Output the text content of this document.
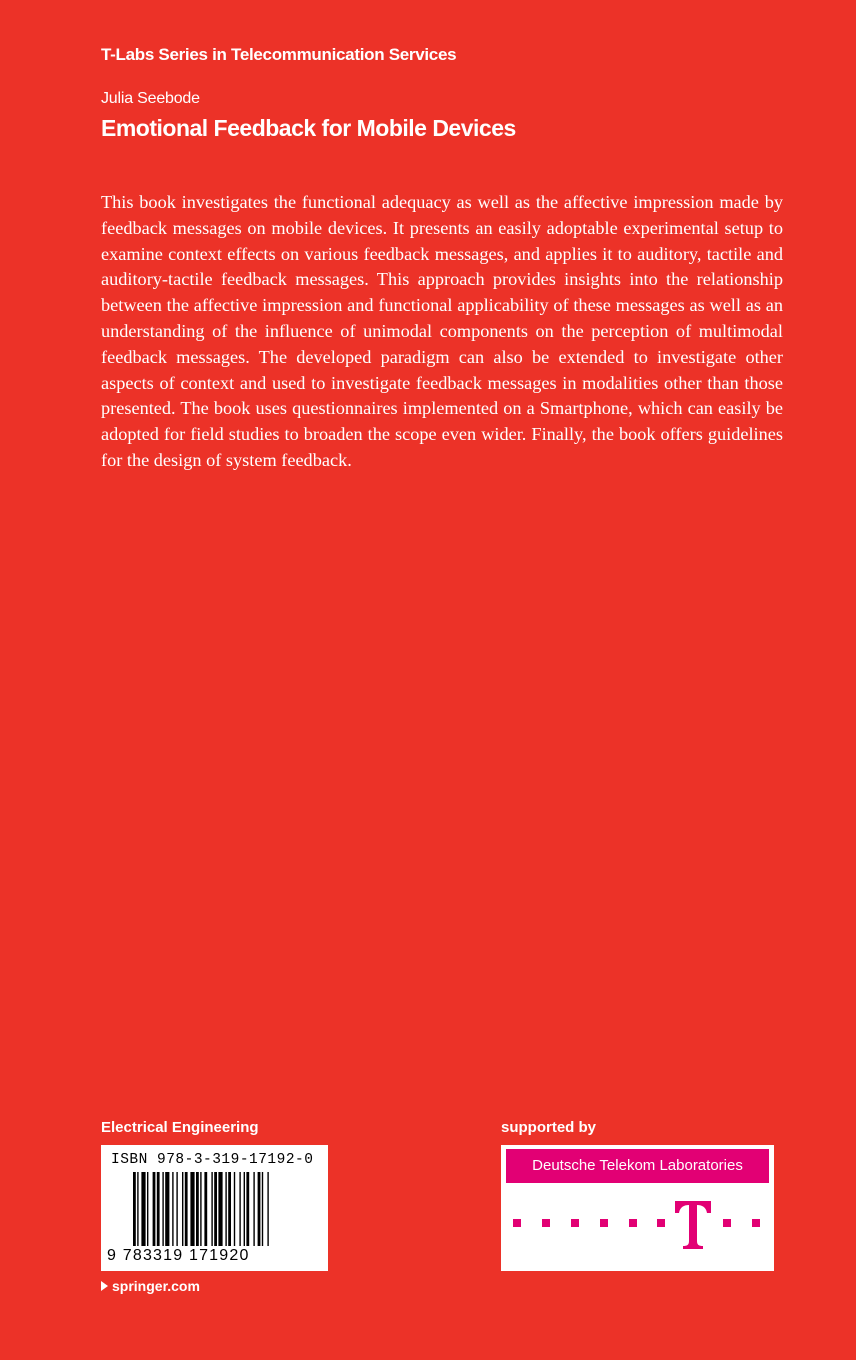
T-Labs Series in Telecommunication Services
Julia Seebode
Emotional Feedback for Mobile Devices

This book investigates the functional adequacy as well as the affective impression made by feedback messages on mobile devices. It presents an easily adoptable experimental setup to examine context effects on various feedback messages, and applies it to auditory, tactile and auditory-tactile feedback messages. This approach provides insights into the relationship between the affective impression and functional applicability of these messages as well as an understanding of the influence of unimodal components on the perception of multimodal feedback messages. The developed paradigm can also be extended to investigate other aspects of context and used to investigate feedback messages in modalities other than those presented. The book uses questionnaires implemented on a Smartphone, which can easily be adopted for field studies to broaden the scope even wider. Finally, the book offers guidelines for the design of system feedback.

Electrical Engineering
ISBN 978-3-319-17192-0
9 783319 171920
springer.com
supported by
Deutsche Telekom Laboratories
